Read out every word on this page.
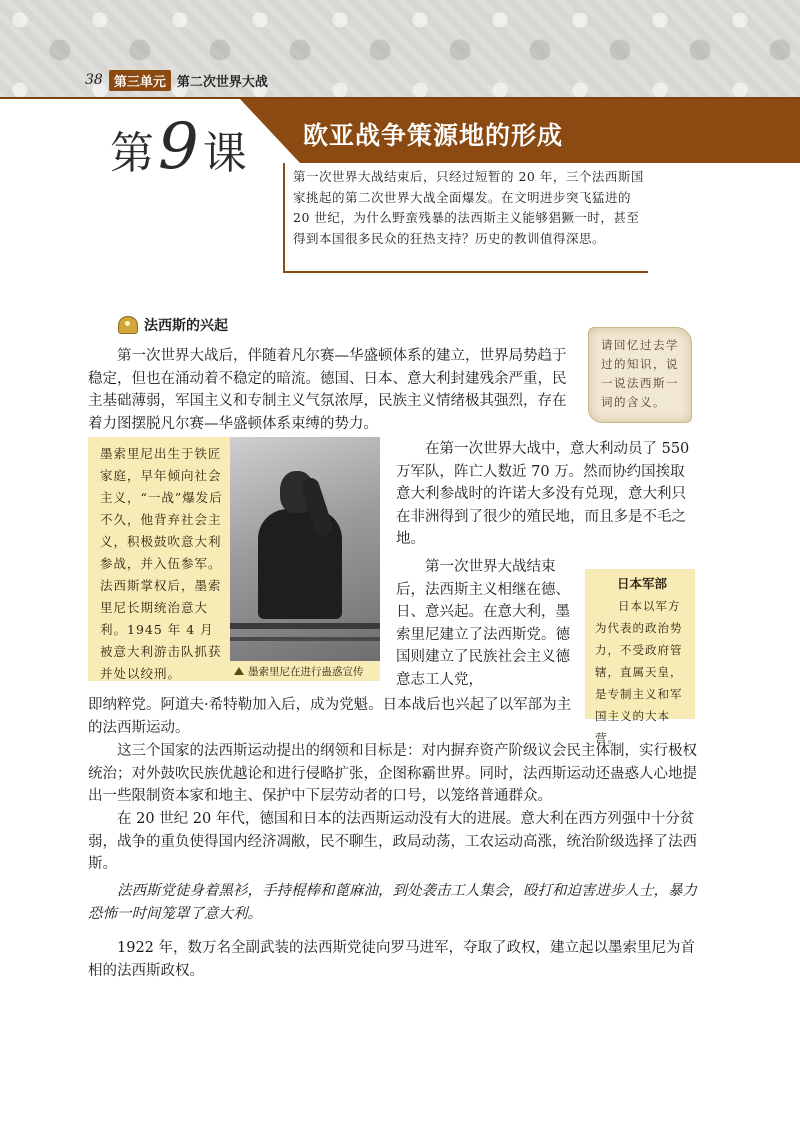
38 第三单元 第二次世界大战
第 9 课 欧亚战争策源地的形成
第一次世界大战结束后，只经过短暂的 20 年，三个法西斯国家挑起的第二次世界大战全面爆发。在文明进步突飞猛进的 20 世纪，为什么野蛮残暴的法西斯主义能够猖獗一时，甚至得到本国很多民众的狂热支持？历史的教训值得深思。
法西斯的兴起

第一次世界大战后，伴随着凡尔赛—华盛顿体系的建立，世界局势趋于稳定，但也在涌动着不稳定的暗流。德国、日本、意大利封建残余严重，民主基础薄弱，军国主义和专制主义气氛浓厚，民族主义情绪极其强烈，存在着力图摆脱凡尔赛—华盛顿体系束缚的势力。

请回忆过去学过的知识，说一说法西斯一词的含义。
墨索里尼出生于铁匠家庭，早年倾向社会主义，“一战”爆发后不久，他背弃社会主义，积极鼓吹意大利参战，并入伍参军。法西斯掌权后，墨索里尼长期统治意大利。1945 年 4 月被意大利游击队抓获并处以绞刑。	墨索里尼在进行蛊惑宣传

在第一次世界大战中，意大利动员了 550 万军队，阵亡人数近 70 万。然而协约国挨取意大利参战时的许诺大多没有兑现，意大利只在非洲得到了很少的殖民地，而且多是不毛之地。

第一次世界大战结束后，法西斯主义相继在德、日、意兴起。在意大利，墨索里尼建立了法西斯党。德国则建立了民族社会主义德意志工人党，

日本军部
日本以军方为代表的政治势力，不受政府管辖，直属天皇，是专制主义和军国主义的大本营。

即纳粹党。阿道夫·希特勒加入后，成为党魁。日本战后也兴起了以军部为主的法西斯运动。

这三个国家的法西斯运动提出的纲领和目标是：对内摒弃资产阶级议会民主体制，实行极权统治；对外鼓吹民族优越论和进行侵略扩张，企图称霸世界。同时，法西斯运动还蛊惑人心地提出一些限制资本家和地主、保护中下层劳动者的口号，以笼络普通群众。

在 20 世纪 20 年代，德国和日本的法西斯运动没有大的进展。意大利在西方列强中十分贫弱，战争的重负使得国内经济凋敝，民不聊生，政局动荡，工农运动高涨，统治阶级选择了法西斯。

法西斯党徒身着黑衫，手持棍棒和蓖麻油，到处袭击工人集会，殴打和迫害进步人士，暴力恐怖一时间笼罩了意大利。

1922 年，数万名全副武装的法西斯党徒向罗马进军，夺取了政权，建立起以墨索里尼为首相的法西斯政权。
